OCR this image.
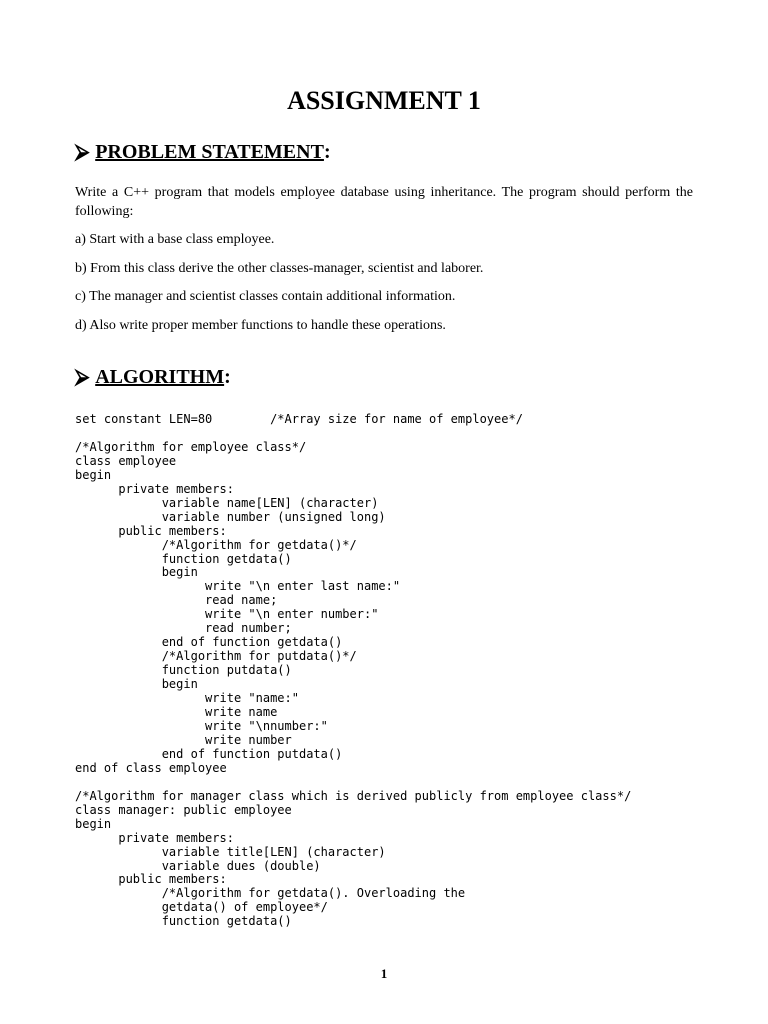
ASSIGNMENT 1
⮚ PROBLEM STATEMENT :
Write a C++ program that models employee database using inheritance. The program should perform the following:
a) Start with a base class employee.
b) From this class derive the other classes-manager, scientist and laborer.
c) The manager and scientist classes contain additional information.
d) Also write proper member functions to handle these operations.
⮚ ALGORITHM :
set constant LEN=80        /*Array size for name of employee*/

/*Algorithm for employee class*/
class employee
begin
private members:
variable name[LEN] (character)
variable number (unsigned long)
public members:
/*Algorithm for getdata()*/
function getdata()
begin
write "\n enter last name:"
read name;
write "\n enter number:"
read number;
end of function getdata()
/*Algorithm for putdata()*/
function putdata()
begin
write "name:"
write name
write "\nnumber:"
write number
end of function putdata()
end of class employee

/*Algorithm for manager class which is derived publicly from employee class*/
class manager: public employee
begin
private members:
variable title[LEN] (character)
variable dues (double)
public members:
/*Algorithm for getdata(). Overloading the
getdata() of employee*/
function getdata()
1
